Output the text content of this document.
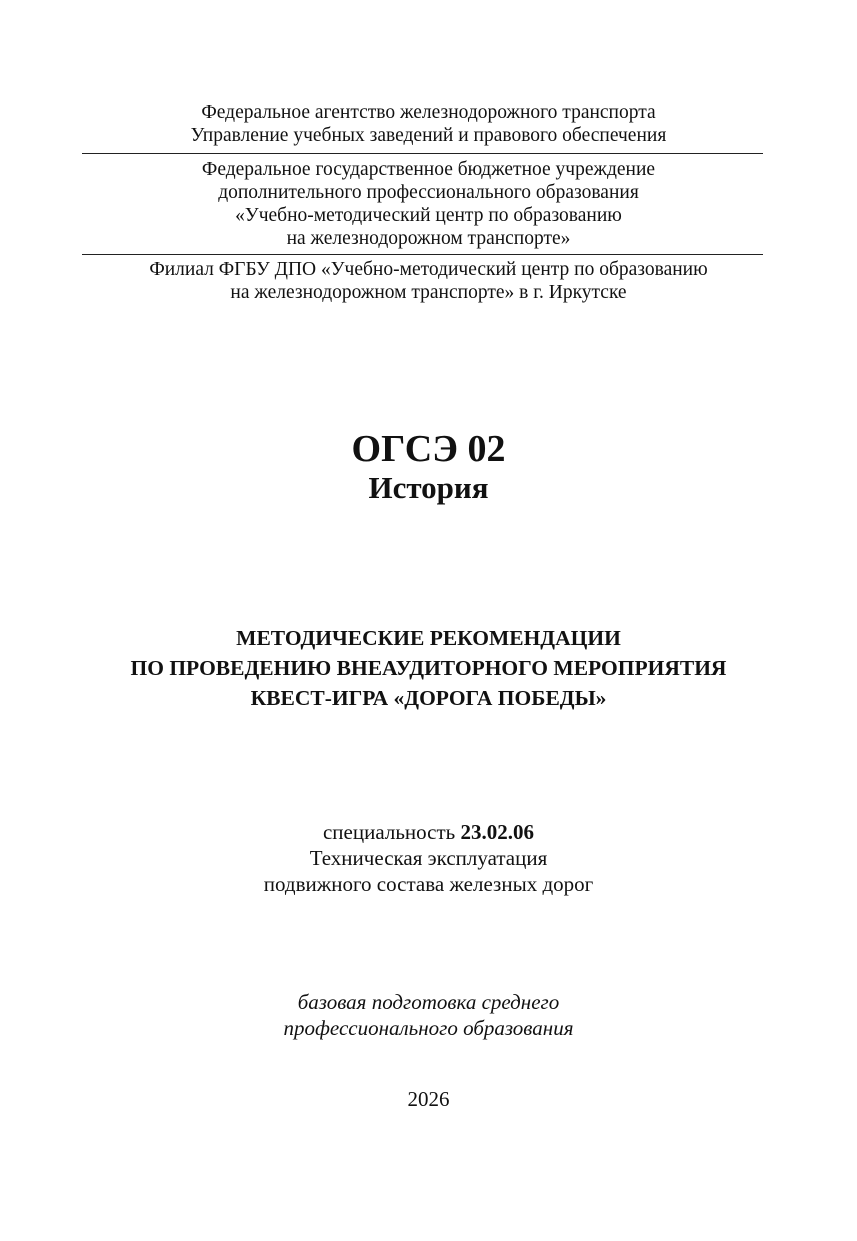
Федеральное агентство железнодорожного транспорта
Управление учебных заведений и правового обеспечения
Федеральное государственное бюджетное учреждение
дополнительного профессионального образования
«Учебно-методический центр по образованию
на железнодорожном транспорте»
Филиал ФГБУ ДПО «Учебно-методический центр по образованию
на железнодорожном транспорте» в г. Иркутске
ОГСЭ 02
История
МЕТОДИЧЕСКИЕ РЕКОМЕНДАЦИИ
ПО ПРОВЕДЕНИЮ ВНЕАУДИТОРНОГО МЕРОПРИЯТИЯ
КВЕСТ-ИГРА «ДОРОГА ПОБЕДЫ»
специальность 23.02.06
Техническая эксплуатация
подвижного состава железных дорог
базовая подготовка среднего
профессионального образования
2026
